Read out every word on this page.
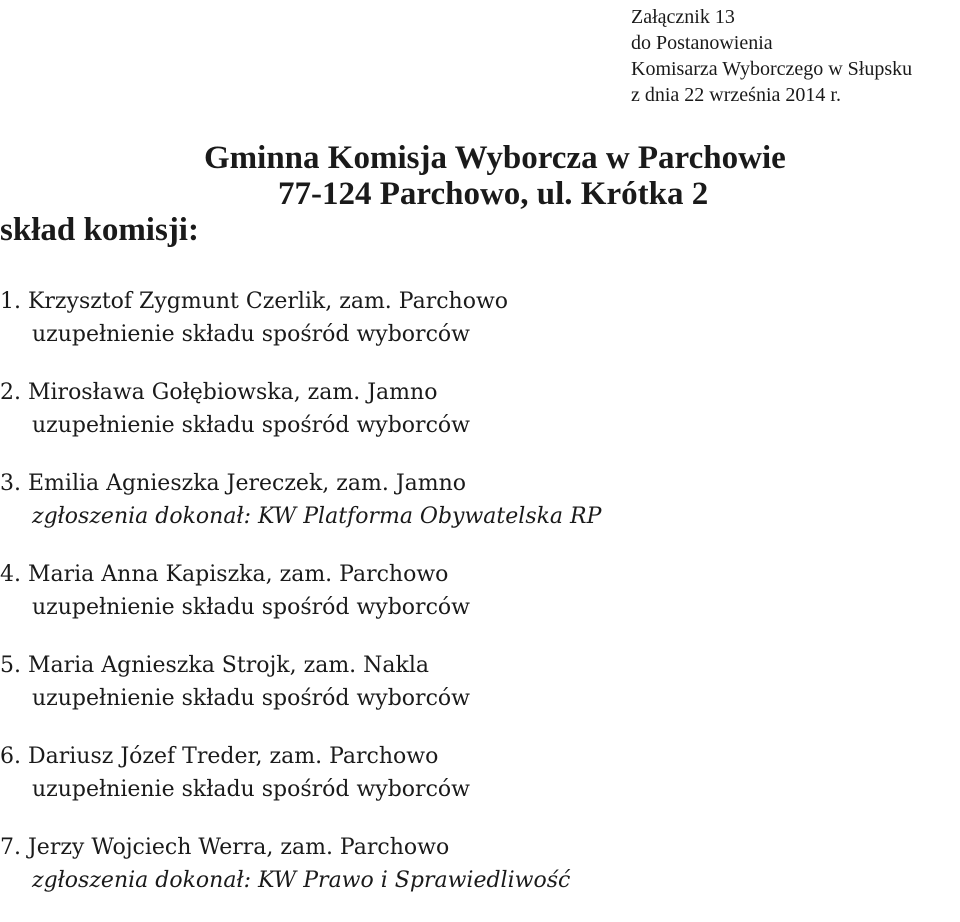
Załącznik 13
do Postanowienia
Komisarza Wyborczego w Słupsku
z dnia 22 września 2014 r.
Gminna Komisja Wyborcza w Parchowie
77-124 Parchowo, ul. Krótka 2
skład komisji:
1. Krzysztof Zygmunt Czerlik, zam. Parchowo
uzupełnienie składu spośród wyborców
2. Mirosława Gołębiowska, zam. Jamno
uzupełnienie składu spośród wyborców
3. Emilia Agnieszka Jereczek, zam. Jamno
zgłoszenia dokonał: KW Platforma Obywatelska RP
4. Maria Anna Kapiszka, zam. Parchowo
uzupełnienie składu spośród wyborców
5. Maria Agnieszka Strojk, zam. Nakla
uzupełnienie składu spośród wyborców
6. Dariusz Józef Treder, zam. Parchowo
uzupełnienie składu spośród wyborców
7. Jerzy Wojciech Werra, zam. Parchowo
zgłoszenia dokonał: KW Prawo i Sprawiedliwość
